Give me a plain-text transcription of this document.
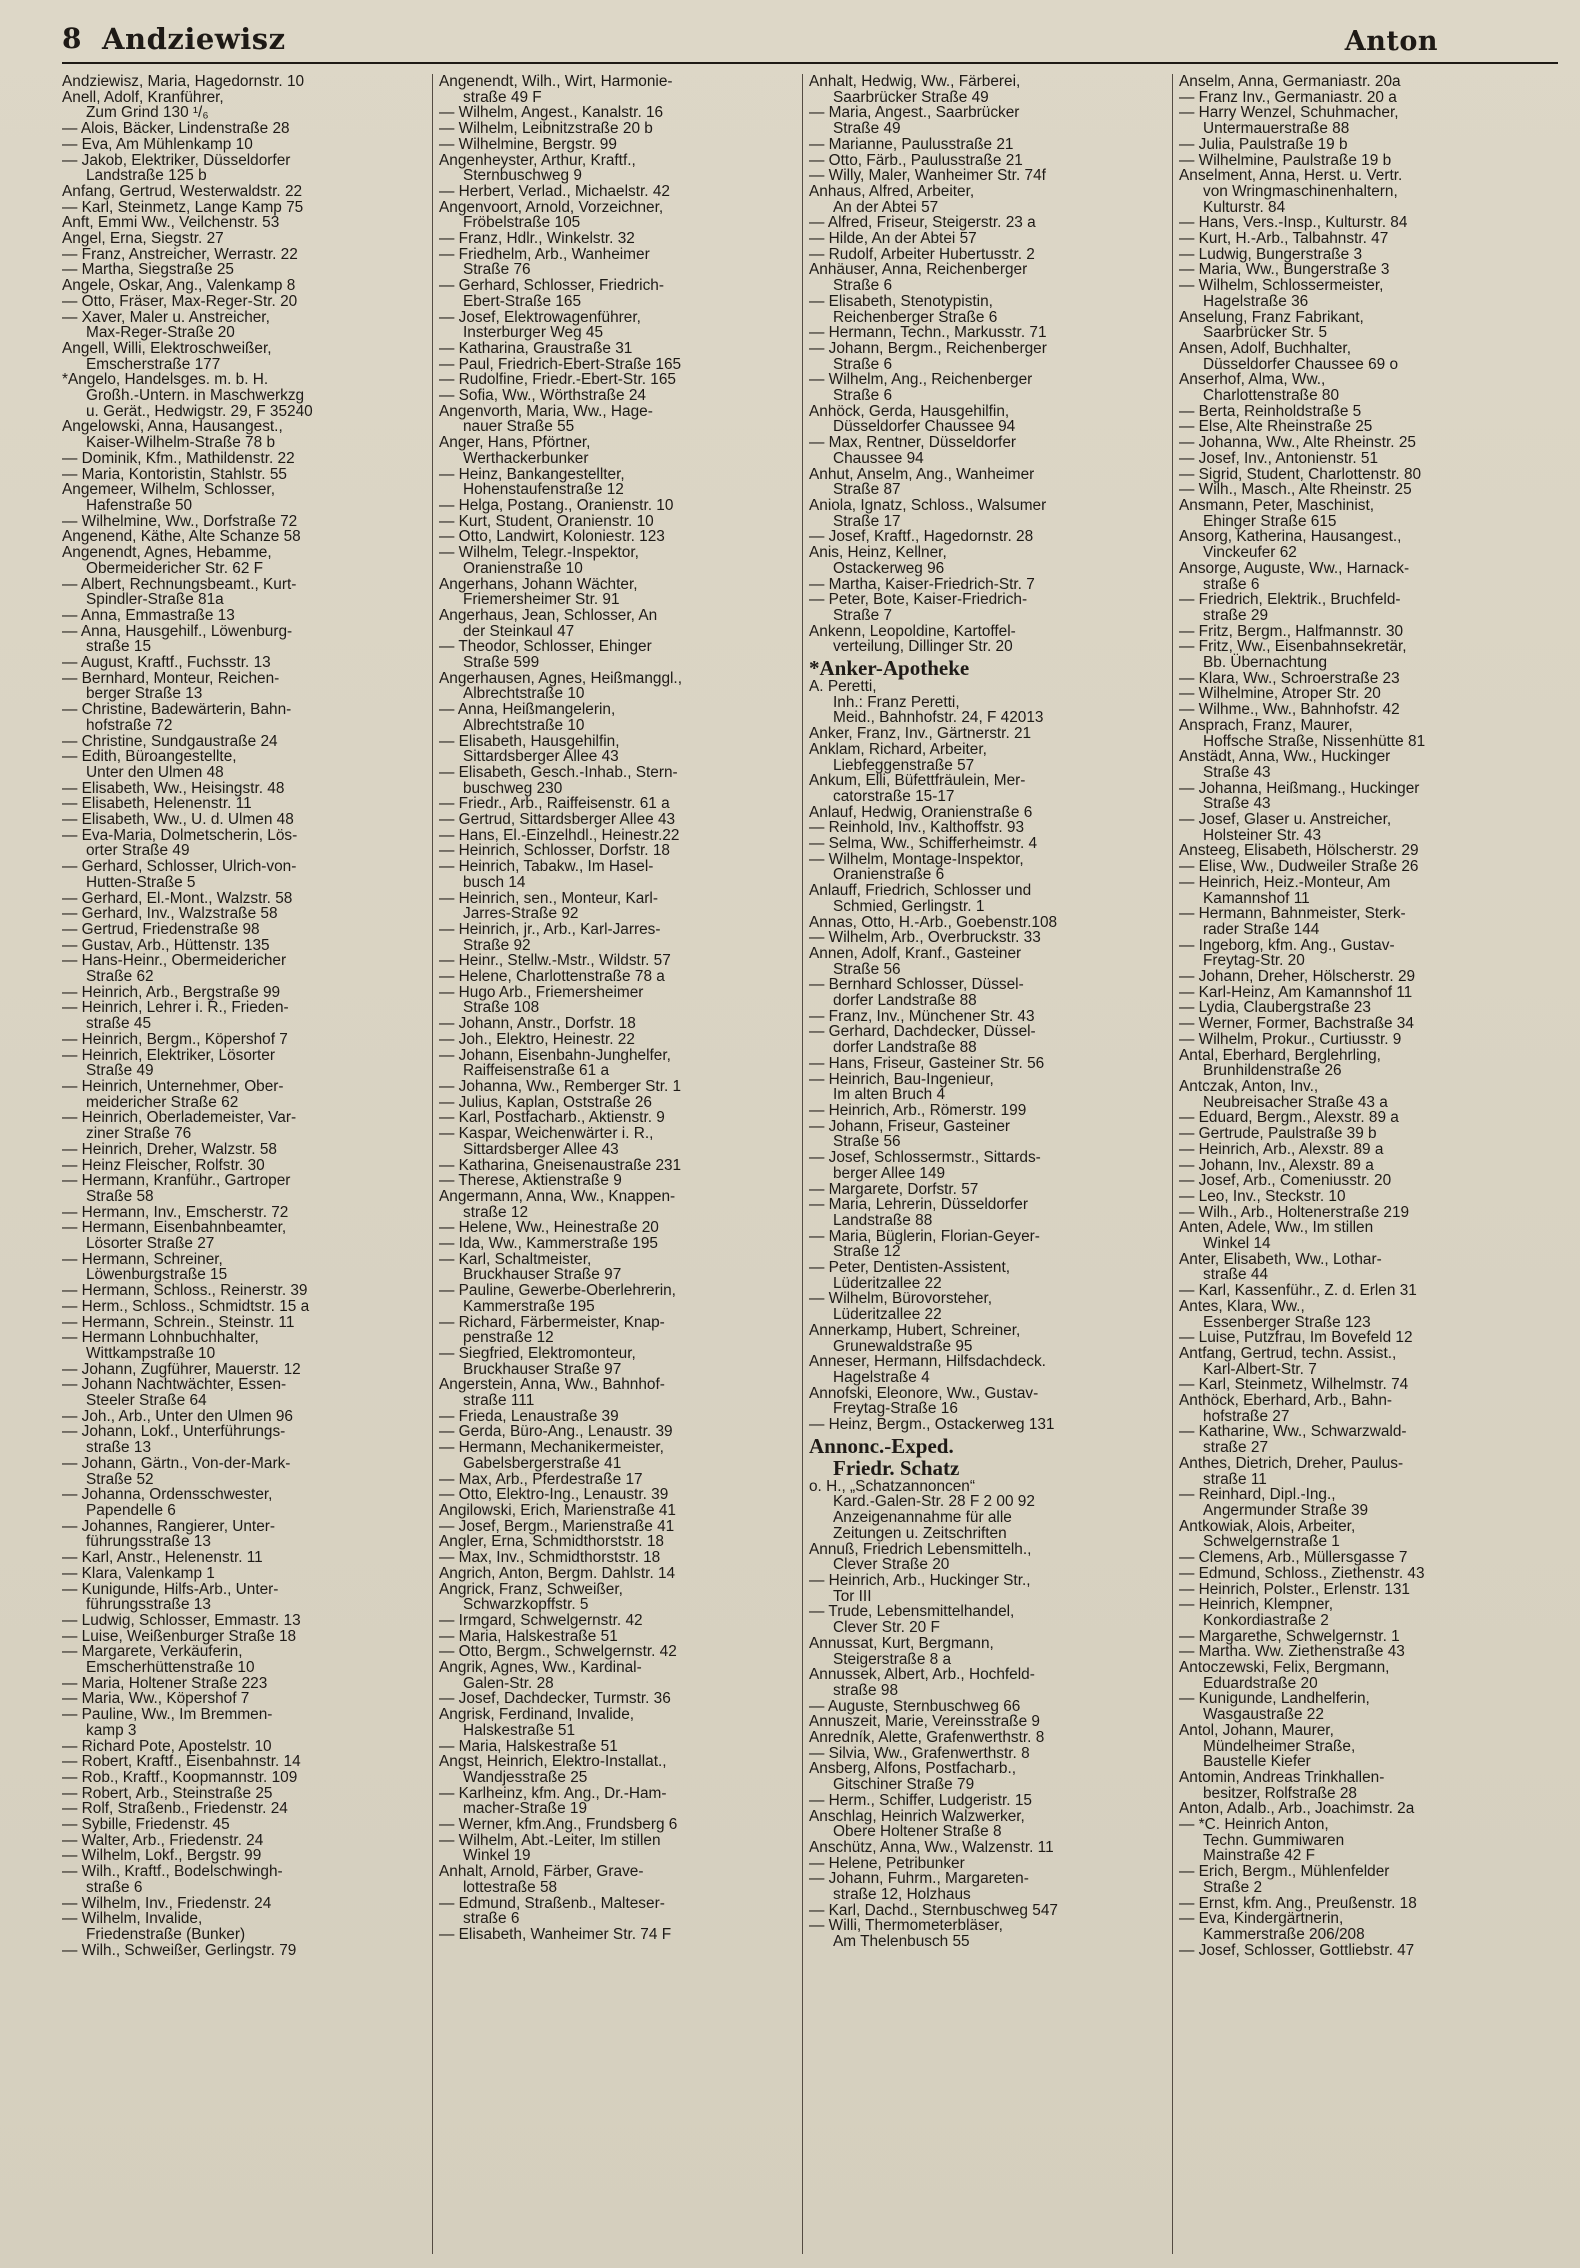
8 Andziewisz	Anton
Andziewisz, Maria, Hagedornstr. 10
Anell, Adolf, Kranführer,
Zum Grind 130 ¹/₆
— Alois, Bäcker, Lindenstraße 28
— Eva, Am Mühlenkamp 10
— Jakob, Elektriker, Düsseldorfer
Landstraße 125 b
Anfang, Gertrud, Westerwaldstr. 22
— Karl, Steinmetz, Lange Kamp 75
Anft, Emmi Ww., Veilchenstr. 53
Angel, Erna, Siegstr. 27
— Franz, Anstreicher, Werrastr. 22
— Martha, Siegstraße 25
Angele, Oskar, Ang., Valenkamp 8
— Otto, Fräser, Max-Reger-Str. 20
— Xaver, Maler u. Anstreicher,
Max-Reger-Straße 20
Angell, Willi, Elektroschweißer,
Emscherstraße 177
*Angelo, Handelsges. m. b. H.
Großh.-Untern. in Maschwerkzg
u. Gerät., Hedwigstr. 29, F 35240
Angelowski, Anna, Hausangest.,
Kaiser-Wilhelm-Straße 78 b
— Dominik, Kfm., Mathildenstr. 22
— Maria, Kontoristin, Stahlstr. 55
Angemeer, Wilhelm, Schlosser,
Hafenstraße 50
— Wilhelmine, Ww., Dorfstraße 72
Angenend, Käthe, Alte Schanze 58
Angenendt, Agnes, Hebamme,
Obermeidericher Str. 62 F
— Albert, Rechnungsbeamt., Kurt-
Spindler-Straße 81a
— Anna, Emmastraße 13
— Anna, Hausgehilf., Löwenburg-
straße 15
— August, Kraftf., Fuchsstr. 13
— Bernhard, Monteur, Reichen-
berger Straße 13
— Christine, Badewärterin, Bahn-
hofstraße 72
— Christine, Sundgaustraße 24
— Edith, Büroangestellte,
Unter den Ulmen 48
— Elisabeth, Ww., Heisingstr. 48
— Elisabeth, Helenenstr. 11
— Elisabeth, Ww., U. d. Ulmen 48
— Eva-Maria, Dolmetscherin, Lös-
orter Straße 49
— Gerhard, Schlosser, Ulrich-von-
Hutten-Straße 5
— Gerhard, El.-Mont., Walzstr. 58
— Gerhard, Inv., Walzstraße 58
— Gertrud, Friedenstraße 98
— Gustav, Arb., Hüttenstr. 135
— Hans-Heinr., Obermeidericher
Straße 62
— Heinrich, Arb., Bergstraße 99
— Heinrich, Lehrer i. R., Frieden-
straße 45
— Heinrich, Bergm., Köpershof 7
— Heinrich, Elektriker, Lösorter
Straße 49
— Heinrich, Unternehmer, Ober-
meidericher Straße 62
— Heinrich, Oberlademeister, Var-
ziner Straße 76
— Heinrich, Dreher, Walzstr. 58
— Heinz Fleischer, Rolfstr. 30
— Hermann, Kranführ., Gartroper
Straße 58
— Hermann, Inv., Emscherstr. 72
— Hermann, Eisenbahnbeamter,
Lösorter Straße 27
— Hermann, Schreiner,
Löwenburgstraße 15
— Hermann, Schloss., Reinerstr. 39
— Herm., Schloss., Schmidtstr. 15 a
— Hermann, Schrein., Steinstr. 11
— Hermann Lohnbuchhalter,
Wittkampstraße 10
— Johann, Zugführer, Mauerstr. 12
— Johann Nachtwächter, Essen-
Steeler Straße 64
— Joh., Arb., Unter den Ulmen 96
— Johann, Lokf., Unterführungs-
straße 13
— Johann, Gärtn., Von-der-Mark-
Straße 52
— Johanna, Ordensschwester,
Papendelle 6
— Johannes, Rangierer, Unter-
führungsstraße 13
— Karl, Anstr., Helenenstr. 11
— Klara, Valenkamp 1
— Kunigunde, Hilfs-Arb., Unter-
führungsstraße 13
— Ludwig, Schlosser, Emmastr. 13
— Luise, Weißenburger Straße 18
— Margarete, Verkäuferin,
Emscherhüttenstraße 10
— Maria, Holtener Straße 223
— Maria, Ww., Köpershof 7
— Pauline, Ww., Im Bremmen-
kamp 3
— Richard Pote, Apostelstr. 10
— Robert, Kraftf., Eisenbahnstr. 14
— Rob., Kraftf., Koopmannstr. 109
— Robert, Arb., Steinstraße 25
— Rolf, Straßenb., Friedenstr. 24
— Sybille, Friedenstr. 45
— Walter, Arb., Friedenstr. 24
— Wilhelm, Lokf., Bergstr. 99
— Wilh., Kraftf., Bodelschwingh-
straße 6
— Wilhelm, Inv., Friedenstr. 24
— Wilhelm, Invalide,
Friedenstraße (Bunker)
— Wilh., Schweißer, Gerlingstr. 79
Angenendt, Wilh., Wirt, Harmonie-
straße 49 F
— Wilhelm, Angest., Kanalstr. 16
— Wilhelm, Leibnitzstraße 20 b
— Wilhelmine, Bergstr. 99
Angenheyster, Arthur, Kraftf.,
Sternbuschweg 9
— Herbert, Verlad., Michaelstr. 42
Angenvoort, Arnold, Vorzeichner,
Fröbelstraße 105
— Franz, Hdlr., Winkelstr. 32
— Friedhelm, Arb., Wanheimer
Straße 76
— Gerhard, Schlosser, Friedrich-
Ebert-Straße 165
— Josef, Elektrowagenführer,
Insterburger Weg 45
— Katharina, Graustraße 31
— Paul, Friedrich-Ebert-Straße 165
— Rudolfine, Friedr.-Ebert-Str. 165
— Sofia, Ww., Wörthstraße 24
Angenvorth, Maria, Ww., Hage-
nauer Straße 55
Anger, Hans, Pförtner,
Werthackerbunker
— Heinz, Bankangestellter,
Hohenstaufenstraße 12
— Helga, Postang., Oranienstr. 10
— Kurt, Student, Oranienstr. 10
— Otto, Landwirt, Koloniestr. 123
— Wilhelm, Telegr.-Inspektor,
Oranienstraße 10
Angerhans, Johann Wächter,
Friemersheimer Str. 91
Angerhaus, Jean, Schlosser, An
der Steinkaul 47
— Theodor, Schlosser, Ehinger
Straße 599
Angerhausen, Agnes, Heißmanggl.,
Albrechtstraße 10
— Anna, Heißmangelerin,
Albrechtstraße 10
— Elisabeth, Hausgehilfin,
Sittardsberger Allee 43
— Elisabeth, Gesch.-Inhab., Stern-
buschweg 230
— Friedr., Arb., Raiffeisenstr. 61 a
— Gertrud, Sittardsberger Allee 43
— Hans, El.-Einzelhdl., Heinestr.22
— Heinrich, Schlosser, Dorfstr. 18
— Heinrich, Tabakw., Im Hasel-
busch 14
— Heinrich, sen., Monteur, Karl-
Jarres-Straße 92
— Heinrich, jr., Arb., Karl-Jarres-
Straße 92
— Heinr., Stellw.-Mstr., Wildstr. 57
— Helene, Charlottenstraße 78 a
— Hugo Arb., Friemersheimer
Straße 108
— Johann, Anstr., Dorfstr. 18
— Joh., Elektro, Heinestr. 22
— Johann, Eisenbahn-Junghelfer,
Raiffeisenstraße 61 a
— Johanna, Ww., Remberger Str. 1
— Julius, Kaplan, Oststraße 26
— Karl, Postfacharb., Aktienstr. 9
— Kaspar, Weichenwärter i. R.,
Sittardsberger Allee 43
— Katharina, Gneisenaustraße 231
— Therese, Aktienstraße 9
Angermann, Anna, Ww., Knappen-
straße 12
— Helene, Ww., Heinestraße 20
— Ida, Ww., Kammerstraße 195
— Karl, Schaltmeister,
Bruckhauser Straße 97
— Pauline, Gewerbe-Oberlehrerin,
Kammerstraße 195
— Richard, Färbermeister, Knap-
penstraße 12
— Siegfried, Elektromonteur,
Bruckhauser Straße 97
Angerstein, Anna, Ww., Bahnhof-
straße 111
— Frieda, Lenaustraße 39
— Gerda, Büro-Ang., Lenaustr. 39
— Hermann, Mechanikermeister,
Gabelsbergerstraße 41
— Max, Arb., Pferdestraße 17
— Otto, Elektro-Ing., Lenaustr. 39
Angilowski, Erich, Marienstraße 41
— Josef, Bergm., Marienstraße 41
Angler, Erna, Schmidthorststr. 18
— Max, Inv., Schmidthorststr. 18
Angrich, Anton, Bergm. Dahlstr. 14
Angrick, Franz, Schweißer,
Schwarzkopffstr. 5
— Irmgard, Schwelgernstr. 42
— Maria, Halskestraße 51
— Otto, Bergm., Schwelgernstr. 42
Angrik, Agnes, Ww., Kardinal-
Galen-Str. 28
— Josef, Dachdecker, Turmstr. 36
Angrisk, Ferdinand, Invalide,
Halskestraße 51
— Maria, Halskestraße 51
Angst, Heinrich, Elektro-Installat.,
Wandjesstraße 25
— Karlheinz, kfm. Ang., Dr.-Ham-
macher-Straße 19
— Werner, kfm.Ang., Frundsberg 6
— Wilhelm, Abt.-Leiter, Im stillen
Winkel 19
Anhalt, Arnold, Färber, Grave-
lottestraße 58
— Edmund, Straßenb., Malteser-
straße 6
— Elisabeth, Wanheimer Str. 74 F
Anhalt, Hedwig, Ww., Färberei,
Saarbrücker Straße 49
— Maria, Angest., Saarbrücker
Straße 49
— Marianne, Paulusstraße 21
— Otto, Färb., Paulusstraße 21
— Willy, Maler, Wanheimer Str. 74f
Anhaus, Alfred, Arbeiter,
An der Abtei 57
— Alfred, Friseur, Steigerstr. 23 a
— Hilde, An der Abtei 57
— Rudolf, Arbeiter Hubertusstr. 2
Anhäuser, Anna, Reichenberger
Straße 6
— Elisabeth, Stenotypistin,
Reichenberger Straße 6
— Hermann, Techn., Markusstr. 71
— Johann, Bergm., Reichenberger
Straße 6
— Wilhelm, Ang., Reichenberger
Straße 6
Anhöck, Gerda, Hausgehilfin,
Düsseldorfer Chaussee 94
— Max, Rentner, Düsseldorfer
Chaussee 94
Anhut, Anselm, Ang., Wanheimer
Straße 87
Aniola, Ignatz, Schloss., Walsumer
Straße 17
— Josef, Kraftf., Hagedornstr. 28
Anis, Heinz, Kellner,
Ostackerweg 96
— Martha, Kaiser-Friedrich-Str. 7
— Peter, Bote, Kaiser-Friedrich-
Straße 7
Ankenn, Leopoldine, Kartoffel-
verteilung, Dillinger Str. 20
*Anker-Apotheke
A. Peretti,
Inh.: Franz Peretti,
Meid., Bahnhofstr. 24, F 42013
Anker, Franz, Inv., Gärtnerstr. 21
Anklam, Richard, Arbeiter,
Liebfeggenstraße 57
Ankum, Elli, Büfettfräulein, Mer-
catorstraße 15-17
Anlauf, Hedwig, Oranienstraße 6
— Reinhold, Inv., Kalthoffstr. 93
— Selma, Ww., Schifferheimstr. 4
— Wilhelm, Montage-Inspektor,
Oranienstraße 6
Anlauff, Friedrich, Schlosser und
Schmied, Gerlingstr. 1
Annas, Otto, H.-Arb., Goebenstr.108
— Wilhelm, Arb., Overbruckstr. 33
Annen, Adolf, Kranf., Gasteiner
Straße 56
— Bernhard Schlosser, Düssel-
dorfer Landstraße 88
— Franz, Inv., Münchener Str. 43
— Gerhard, Dachdecker, Düssel-
dorfer Landstraße 88
— Hans, Friseur, Gasteiner Str. 56
— Heinrich, Bau-Ingenieur,
Im alten Bruch 4
— Heinrich, Arb., Römerstr. 199
— Johann, Friseur, Gasteiner
Straße 56
— Josef, Schlossermstr., Sittards-
berger Allee 149
— Margarete, Dorfstr. 57
— Maria, Lehrerin, Düsseldorfer
Landstraße 88
— Maria, Büglerin, Florian-Geyer-
Straße 12
— Peter, Dentisten-Assistent,
Lüderitzallee 22
— Wilhelm, Bürovorsteher,
Lüderitzallee 22
Annerkamp, Hubert, Schreiner,
Grunewaldstraße 95
Anneser, Hermann, Hilfsdachdeck.
Hagelstraße 4
Annofski, Eleonore, Ww., Gustav-
Freytag-Straße 16
— Heinz, Bergm., Ostackerweg 131
Annonc.-Exped.
Friedr. Schatz
o. H., „Schatzannoncen“
Kard.-Galen-Str. 28 F 2 00 92
Anzeigenannahme für alle
Zeitungen u. Zeitschriften
Annuß, Friedrich Lebensmittelh.,
Clever Straße 20
— Heinrich, Arb., Huckinger Str.,
Tor III
— Trude, Lebensmittelhandel,
Clever Str. 20 F
Annussat, Kurt, Bergmann,
Steigerstraße 8 a
Annussek, Albert, Arb., Hochfeld-
straße 98
— Auguste, Sternbuschweg 66
Annuszeit, Marie, Vereinsstraße 9
Anredník, Alette, Grafenwerthstr. 8
— Silvia, Ww., Grafenwerthstr. 8
Ansberg, Alfons, Postfacharb.,
Gitschiner Straße 79
— Herm., Schiffer, Ludgeristr. 15
Anschlag, Heinrich Walzwerker,
Obere Holtener Straße 8
Anschütz, Anna, Ww., Walzenstr. 11
— Helene, Petribunker
— Johann, Fuhrm., Margareten-
straße 12, Holzhaus
— Karl, Dachd., Sternbuschweg 547
— Willi, Thermometerbläser,
Am Thelenbusch 55
Anselm, Anna, Germaniastr. 20a
— Franz Inv., Germaniastr. 20 a
— Harry Wenzel, Schuhmacher,
Untermauerstraße 88
— Julia, Paulstraße 19 b
— Wilhelmine, Paulstraße 19 b
Anselment, Anna, Herst. u. Vertr.
von Wringmaschinenhaltern,
Kulturstr. 84
— Hans, Vers.-Insp., Kulturstr. 84
— Kurt, H.-Arb., Talbahnstr. 47
— Ludwig, Bungerstraße 3
— Maria, Ww., Bungerstraße 3
— Wilhelm, Schlossermeister,
Hagelstraße 36
Anselung, Franz Fabrikant,
Saarbrücker Str. 5
Ansen, Adolf, Buchhalter,
Düsseldorfer Chaussee 69 o
Anserhof, Alma, Ww.,
Charlottenstraße 80
— Berta, Reinholdstraße 5
— Else, Alte Rheinstraße 25
— Johanna, Ww., Alte Rheinstr. 25
— Josef, Inv., Antonienstr. 51
— Sigrid, Student, Charlottenstr. 80
— Wilh., Masch., Alte Rheinstr. 25
Ansmann, Peter, Maschinist,
Ehinger Straße 615
Ansorg, Katherina, Hausangest.,
Vinckeufer 62
Ansorge, Auguste, Ww., Harnack-
straße 6
— Friedrich, Elektrik., Bruchfeld-
straße 29
— Fritz, Bergm., Halfmannstr. 30
— Fritz, Ww., Eisenbahnsekretär,
Bb. Übernachtung
— Klara, Ww., Schroerstraße 23
— Wilhelmine, Atroper Str. 20
— Wilhme., Ww., Bahnhofstr. 42
Ansprach, Franz, Maurer,
Hoffsche Straße, Nissenhütte 81
Anstädt, Anna, Ww., Huckinger
Straße 43
— Johanna, Heißmang., Huckinger
Straße 43
— Josef, Glaser u. Anstreicher,
Holsteiner Str. 43
Ansteeg, Elisabeth, Hölscherstr. 29
— Elise, Ww., Dudweiler Straße 26
— Heinrich, Heiz.-Monteur, Am
Kamannshof 11
— Hermann, Bahnmeister, Sterk-
rader Straße 144
— Ingeborg, kfm. Ang., Gustav-
Freytag-Str. 20
— Johann, Dreher, Hölscherstr. 29
— Karl-Heinz, Am Kamannshof 11
— Lydia, Claubergstraße 23
— Werner, Former, Bachstraße 34
— Wilhelm, Prokur., Curtiusstr. 9
Antal, Eberhard, Berglehrling,
Brunhildenstraße 26
Antczak, Anton, Inv.,
Neubreisacher Straße 43 a
— Eduard, Bergm., Alexstr. 89 a
— Gertrude, Paulstraße 39 b
— Heinrich, Arb., Alexstr. 89 a
— Johann, Inv., Alexstr. 89 a
— Josef, Arb., Comeniusstr. 20
— Leo, Inv., Steckstr. 10
— Wilh., Arb., Holtenerstraße 219
Anten, Adele, Ww., Im stillen
Winkel 14
Anter, Elisabeth, Ww., Lothar-
straße 44
— Karl, Kassenführ., Z. d. Erlen 31
Antes, Klara, Ww.,
Essenberger Straße 123
— Luise, Putzfrau, Im Bovefeld 12
Antfang, Gertrud, techn. Assist.,
Karl-Albert-Str. 7
— Karl, Steinmetz, Wilhelmstr. 74
Anthöck, Eberhard, Arb., Bahn-
hofstraße 27
— Katharine, Ww., Schwarzwald-
straße 27
Anthes, Dietrich, Dreher, Paulus-
straße 11
— Reinhard, Dipl.-Ing.,
Angermunder Straße 39
Antkowiak, Alois, Arbeiter,
Schwelgernstraße 1
— Clemens, Arb., Müllersgasse 7
— Edmund, Schloss., Ziethenstr. 43
— Heinrich, Polster., Erlenstr. 131
— Heinrich, Klempner,
Konkordiastraße 2
— Margarethe, Schwelgernstr. 1
— Martha. Ww. Ziethenstraße 43
Antoczewski, Felix, Bergmann,
Eduardstraße 20
— Kunigunde, Landhelferin,
Wasgaustraße 22
Antol, Johann, Maurer,
Mündelheimer Straße,
Baustelle Kiefer
Antomin, Andreas Trinkhallen-
besitzer, Rolfstraße 28
Anton, Adalb., Arb., Joachimstr. 2a
— *C. Heinrich Anton,
Techn. Gummiwaren
Mainstraße 42 F
— Erich, Bergm., Mühlenfelder
Straße 2
— Ernst, kfm. Ang., Preußenstr. 18
— Eva, Kindergärtnerin,
Kammerstraße 206/208
— Josef, Schlosser, Gottliebstr. 47
